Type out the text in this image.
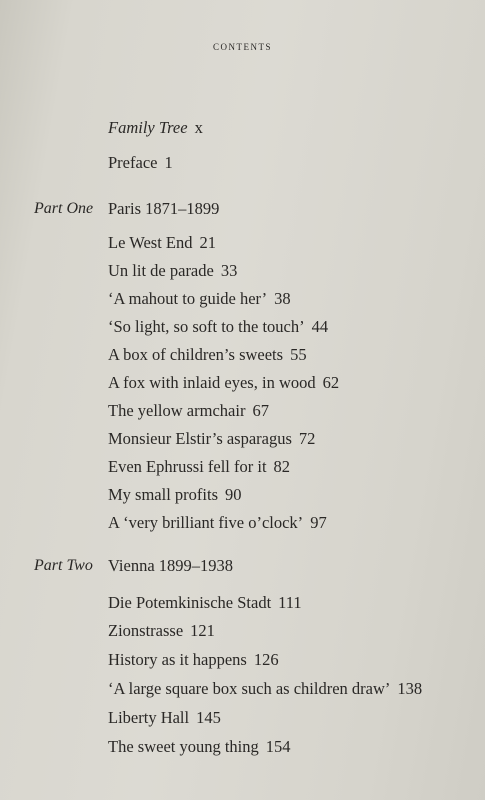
contents
Family Tree x
Preface 1
Part One Paris 1871–1899
Le West End 21
Un lit de parade 33
‘A mahout to guide her’ 38
‘So light, so soft to the touch’ 44
A box of children’s sweets 55
A fox with inlaid eyes, in wood 62
The yellow armchair 67
Monsieur Elstir’s asparagus 72
Even Ephrussi fell for it 82
My small profits 90
A ‘very brilliant five o’clock’ 97
Part Two Vienna 1899–1938
Die Potemkinische Stadt 111
Zionstrasse 121
History as it happens 126
‘A large square box such as children draw’ 138
Liberty Hall 145
The sweet young thing 154
